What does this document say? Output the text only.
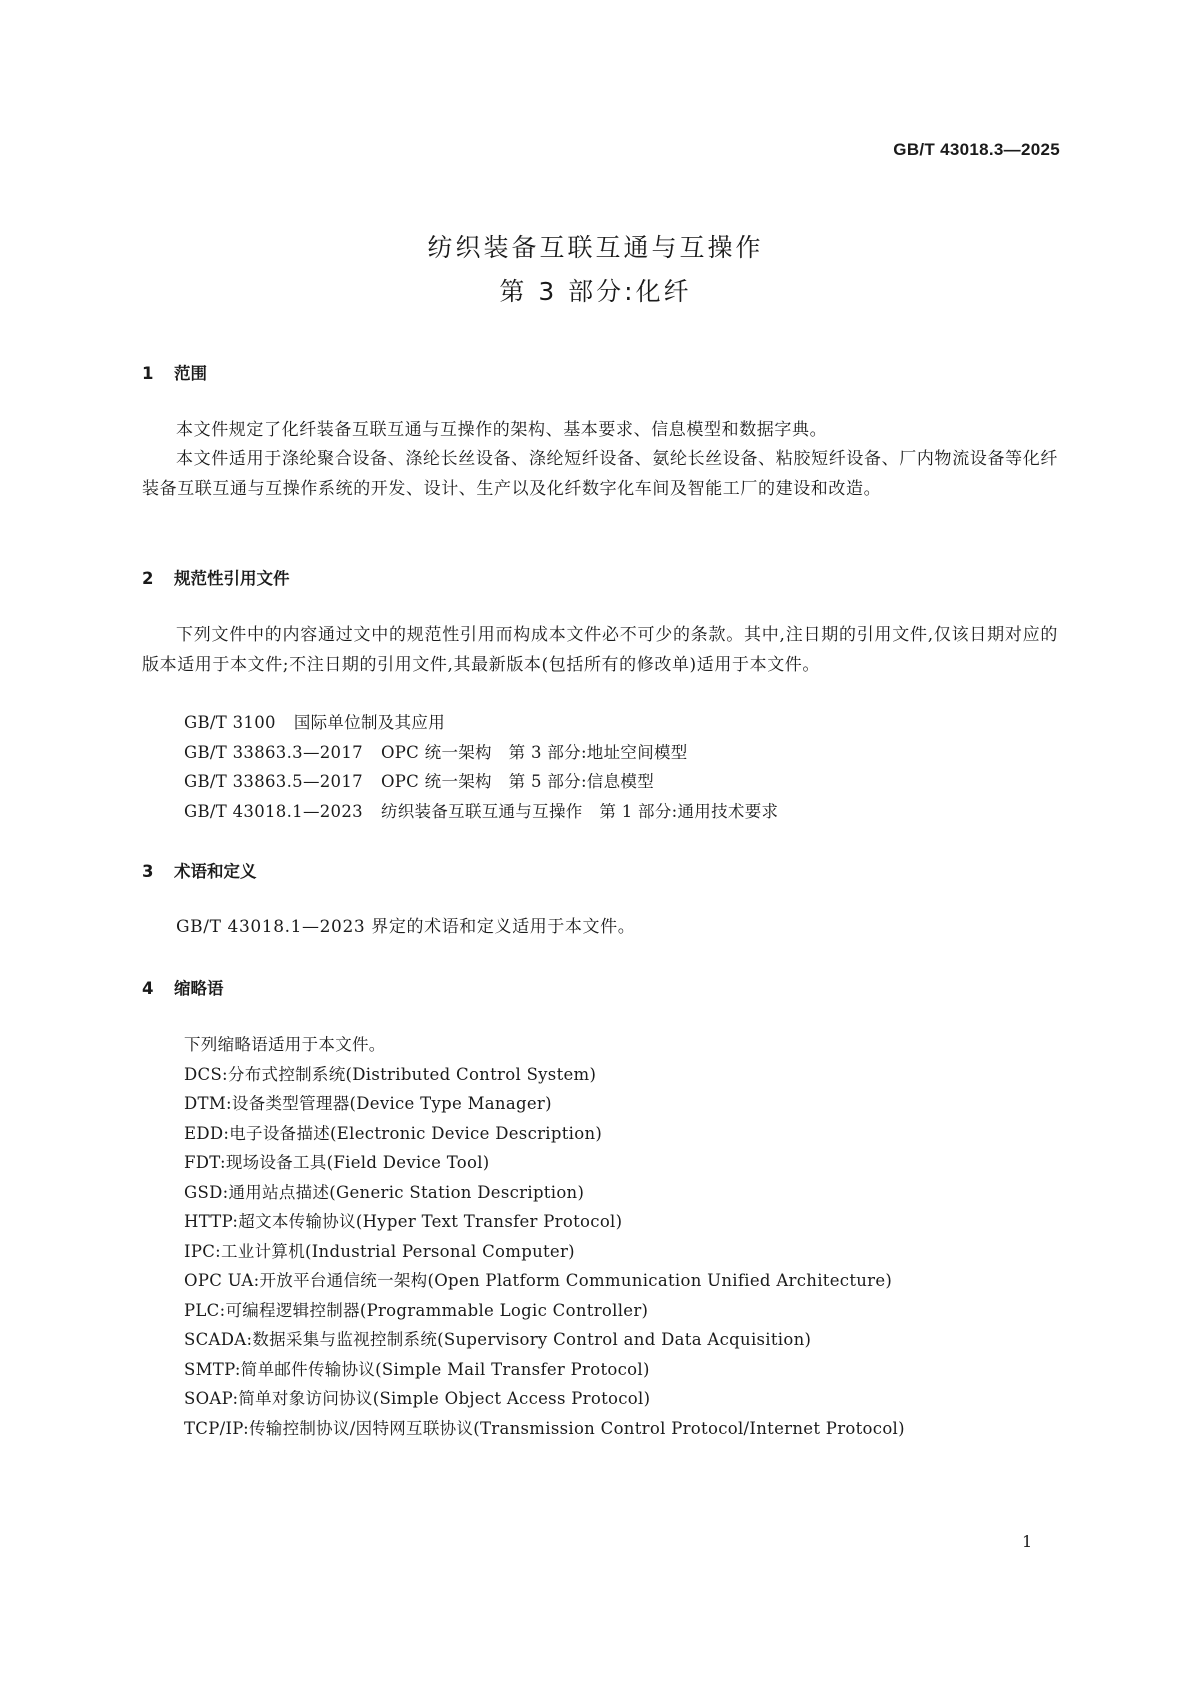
GB/T 43018.3—2025
纺织装备互联互通与互操作
第 3 部分:化纤
1 范围
本文件规定了化纤装备互联互通与互操作的架构、基本要求、信息模型和数据字典。
本文件适用于涤纶聚合设备、涤纶长丝设备、涤纶短纤设备、氨纶长丝设备、粘胶短纤设备、厂内物流设备等化纤装备互联互通与互操作系统的开发、设计、生产以及化纤数字化车间及智能工厂的建设和改造。
2 规范性引用文件
下列文件中的内容通过文中的规范性引用而构成本文件必不可少的条款。其中,注日期的引用文件,仅该日期对应的版本适用于本文件;不注日期的引用文件,其最新版本(包括所有的修改单)适用于本文件。
GB/T 3100 国际单位制及其应用
GB/T 33863.3—2017 OPC 统一架构　第 3 部分:地址空间模型
GB/T 33863.5—2017 OPC 统一架构　第 5 部分:信息模型
GB/T 43018.1—2023 纺织装备互联互通与互操作　第 1 部分:通用技术要求
3 术语和定义
GB/T 43018.1—2023 界定的术语和定义适用于本文件。
4 缩略语
下列缩略语适用于本文件。
DCS:分布式控制系统(Distributed Control System)
DTM:设备类型管理器(Device Type Manager)
EDD:电子设备描述(Electronic Device Description)
FDT:现场设备工具(Field Device Tool)
GSD:通用站点描述(Generic Station Description)
HTTP:超文本传输协议(Hyper Text Transfer Protocol)
IPC:工业计算机(Industrial Personal Computer)
OPC UA:开放平台通信统一架构(Open Platform Communication Unified Architecture)
PLC:可编程逻辑控制器(Programmable Logic Controller)
SCADA:数据采集与监视控制系统(Supervisory Control and Data Acquisition)
SMTP:简单邮件传输协议(Simple Mail Transfer Protocol)
SOAP:简单对象访问协议(Simple Object Access Protocol)
TCP/IP:传输控制协议/因特网互联协议(Transmission Control Protocol/Internet Protocol)
1
